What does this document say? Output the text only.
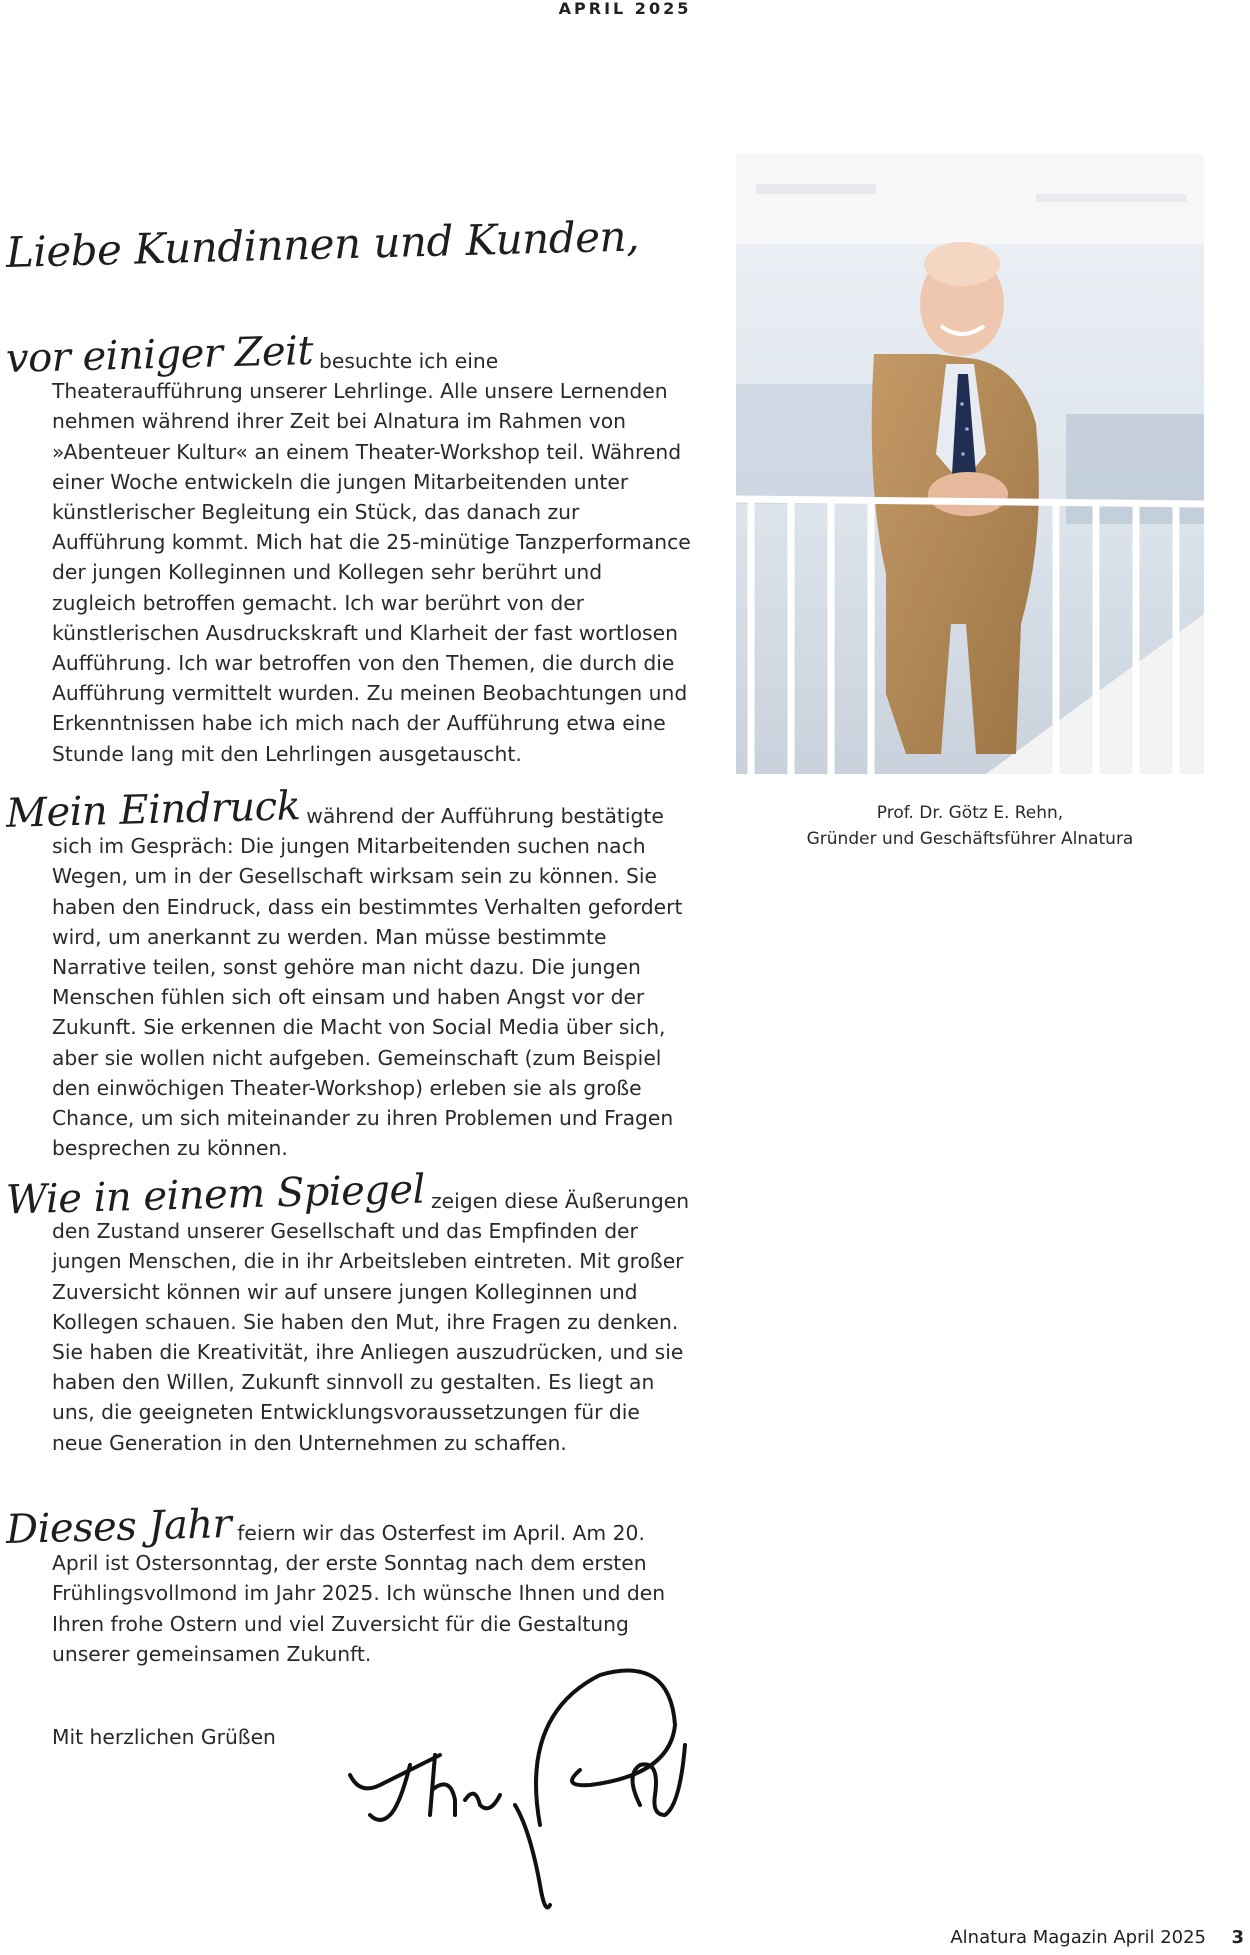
APRIL 2025
Liebe Kundinnen und Kunden,
vor einiger Zeit besuchte ich eine Theateraufführung unserer Lehrlinge. Alle unsere Lernenden nehmen während ihrer Zeit bei Alnatura im Rahmen von »Abenteuer Kultur« an einem Theater-Workshop teil. Während einer Woche entwickeln die jungen Mitarbeitenden unter künstlerischer Begleitung ein Stück, das danach zur Aufführung kommt. Mich hat die 25-minütige Tanzperformance der jungen Kolleginnen und Kollegen sehr berührt und zugleich betroffen gemacht. Ich war berührt von der künstlerischen Ausdruckskraft und Klarheit der fast wortlosen Aufführung. Ich war betroffen von den Themen, die durch die Aufführung vermittelt wurden. Zu meinen Beobachtungen und Erkenntnissen habe ich mich nach der Aufführung etwa eine Stunde lang mit den Lehrlingen ausgetauscht.
Mein Eindruck während der Aufführung bestätigte sich im Gespräch: Die jungen Mitarbeitenden suchen nach Wegen, um in der Gesellschaft wirksam sein zu können. Sie haben den Eindruck, dass ein bestimmtes Verhalten gefordert wird, um anerkannt zu werden. Man müsse bestimmte Narrative teilen, sonst gehöre man nicht dazu. Die jungen Menschen fühlen sich oft einsam und haben Angst vor der Zukunft. Sie erkennen die Macht von Social Media über sich, aber sie wollen nicht aufgeben. Gemeinschaft (zum Beispiel den einwöchigen Theater-Workshop) erleben sie als große Chance, um sich miteinander zu ihren Problemen und Fragen besprechen zu können.
Wie in einem Spiegel zeigen diese Äußerungen den Zustand unserer Gesellschaft und das Empfinden der jungen Menschen, die in ihr Arbeitsleben eintreten. Mit großer Zuversicht können wir auf unsere jungen Kolleginnen und Kollegen schauen. Sie haben den Mut, ihre Fragen zu denken. Sie haben die Kreativität, ihre Anliegen auszudrücken, und sie haben den Willen, Zukunft sinnvoll zu gestalten. Es liegt an uns, die geeigneten Entwicklungsvoraussetzungen für die neue Generation in den Unternehmen zu schaffen.
Dieses Jahr feiern wir das Osterfest im April. Am 20. April ist Ostersonntag, der erste Sonntag nach dem ersten Frühlingsvollmond im Jahr 2025. Ich wünsche Ihnen und den Ihren frohe Ostern und viel Zuversicht für die Gestaltung unserer gemeinsamen Zukunft.
Prof. Dr. Götz E. Rehn,
Gründer und Geschäftsführer Alnatura
Mit herzlichen Grüßen
Alnatura Magazin April 2025 3
